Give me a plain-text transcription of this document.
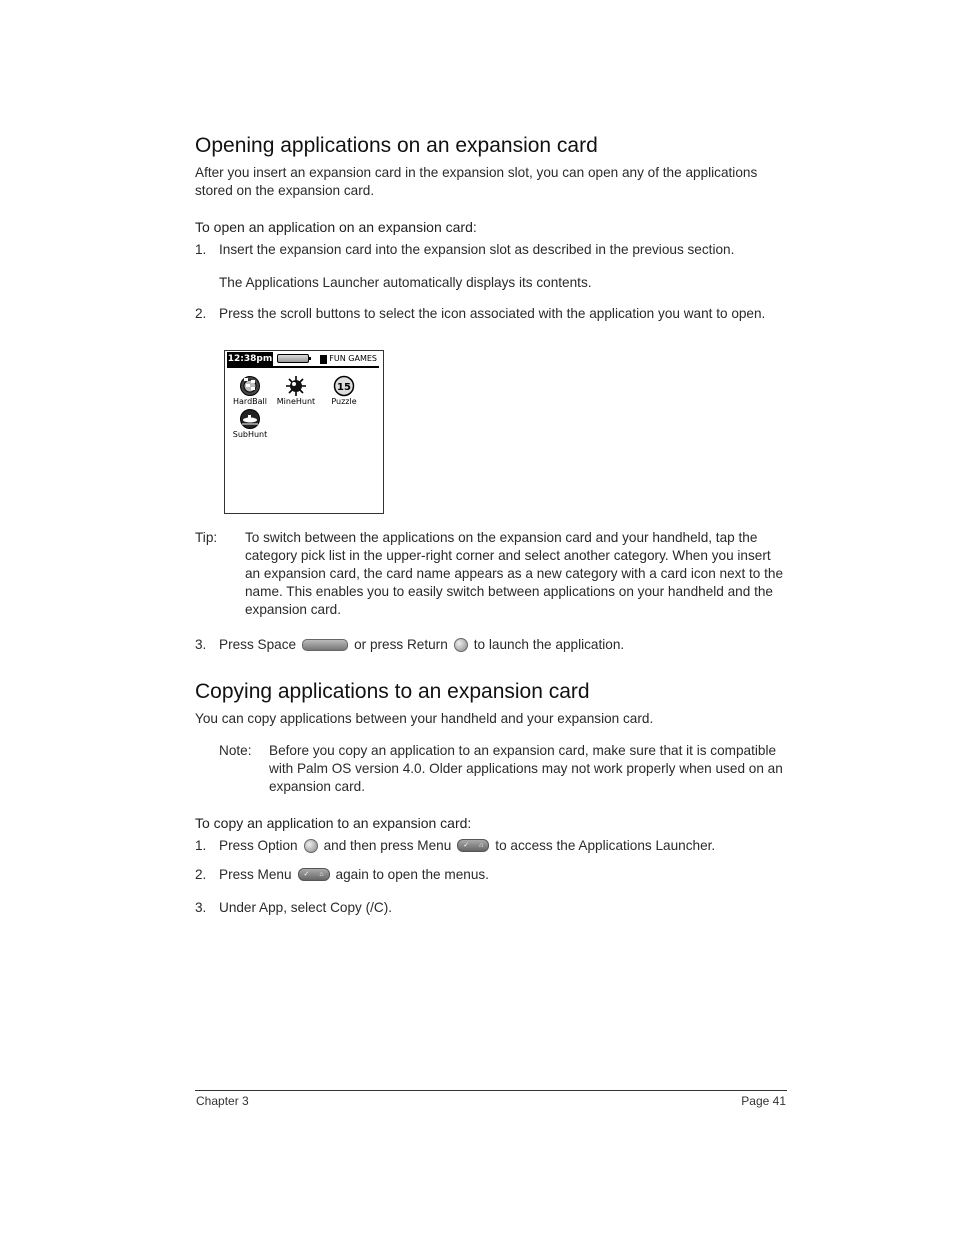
Opening applications on an expansion card
After you insert an expansion card in the expansion slot, you can open any of the applications
stored on the expansion card.
To open an application on an expansion card:
1. Insert the expansion card into the expansion slot as described in the previous section.
The Applications Launcher automatically displays its contents.
2. Press the scroll buttons to select the icon associated with the application you want to open.
12:38pm	FUN GAMES
HardBall	MineHunt
15
Puzzle
SubHunt
Tip: To switch between the applications on the expansion card and your handheld, tap the
category pick list in the upper-right corner and select another category. When you insert
an expansion card, the card name appears as a new category with a card icon next to the
name. This enables you to easily switch between applications on your handheld and the
expansion card.
3. Press Space	or press Return to launch the application.
Copying applications to an expansion card
You can copy applications between your handheld and your expansion card.
Note: Before you copy an application to an expansion card, make sure that it is compatible
with Palm OS version 4.0. Older applications may not work properly when used on an
expansion card.
To copy an application to an expansion card:
1. Press Option and then press Menu ✓ ⌂ to access the Applications Launcher.
2. Press Menu ✓ ⌂ again to open the menus.
3. Under App, select Copy (/C).
Chapter 3	Page 41
